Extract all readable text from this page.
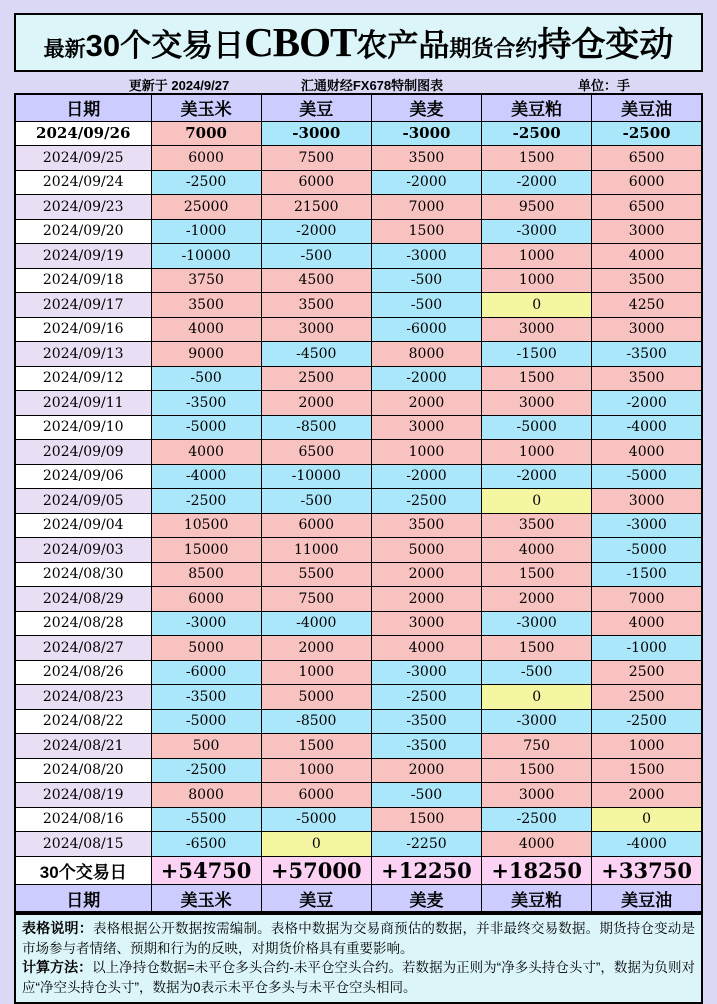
最新 30个交易日 CBOT 农产品 期货合约 持仓变动
更新于 2024/9/27	汇通财经FX678特制图表	单位：手
日期	美玉米	美豆	美麦	美豆粕	美豆油
2024/09/26	7000	-3000	-3000	-2500	-2500
2024/09/25	6000	7500	3500	1500	6500
2024/09/24	-2500	6000	-2000	-2000	6000
2024/09/23	25000	21500	7000	9500	6500
2024/09/20	-1000	-2000	1500	-3000	3000
2024/09/19	-10000	-500	-3000	1000	4000
2024/09/18	3750	4500	-500	1000	3500
2024/09/17	3500	3500	-500	0	4250
2024/09/16	4000	3000	-6000	3000	3000
2024/09/13	9000	-4500	8000	-1500	-3500
2024/09/12	-500	2500	-2000	1500	3500
2024/09/11	-3500	2000	2000	3000	-2000
2024/09/10	-5000	-8500	3000	-5000	-4000
2024/09/09	4000	6500	1000	1000	4000
2024/09/06	-4000	-10000	-2000	-2000	-5000
2024/09/05	-2500	-500	-2500	0	3000
2024/09/04	10500	6000	3500	3500	-3000
2024/09/03	15000	11000	5000	4000	-5000
2024/08/30	8500	5500	2000	1500	-1500
2024/08/29	6000	7500	2000	2000	7000
2024/08/28	-3000	-4000	3000	-3000	4000
2024/08/27	5000	2000	4000	1500	-1000
2024/08/26	-6000	1000	-3000	-500	2500
2024/08/23	-3500	5000	-2500	0	2500
2024/08/22	-5000	-8500	-3500	-3000	-2500
2024/08/21	500	1500	-3500	750	1000
2024/08/20	-2500	1000	2000	1500	1500
2024/08/19	8000	6000	-500	3000	2000
2024/08/16	-5500	-5000	1500	-2500	0
2024/08/15	-6500	0	-2250	4000	-4000
30个交易日	+54750	+57000	+12250	+18250	+33750
日期	美玉米	美豆	美麦	美豆粕	美豆油
表格说明：表格根据公开数据按需编制。表格中数据为交易商预估的数据，并非最终交易数据。期货持仓变动是市场参与者情绪、预期和行为的反映，对期货价格具有重要影响。
计算方法：以上净持仓数据=未平仓多头合约-未平仓空头合约。若数据为正则为“净多头持仓头寸”，数据为负则对应“净空头持仓头寸”，数据为0表示未平仓多头与未平仓空头相同。
